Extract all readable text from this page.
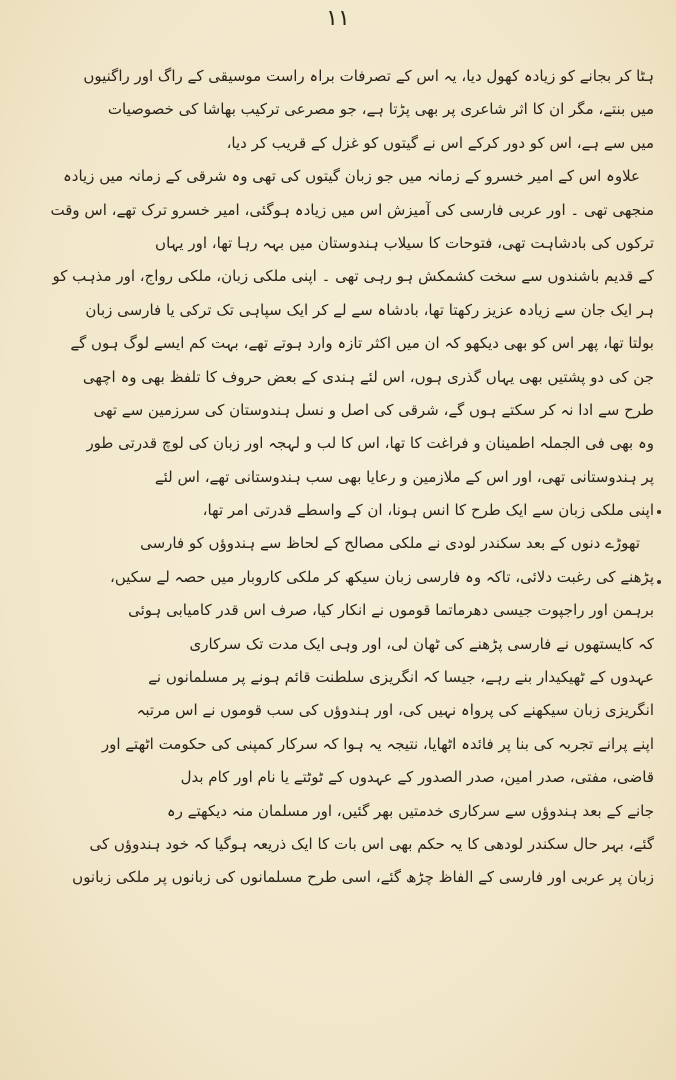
۱۱
ہٹا کر بجانے کو زیادہ کھول دیا، یہ اس کے تصرفات براہ راست موسیقی کے راگ اور راگنیوں
میں بنتے، مگر ان کا اثر شاعری پر بھی پڑتا ہے، جو مصرعی ترکیب بھاشا کی خصوصیات
میں سے ہے، اس کو دور کرکے اس نے گیتوں کو غزل کے قریب کر دیا،
علاوہ اس کے امیر خسرو کے زمانہ میں جو زبان گیتوں کی تھی وہ شرقی کے زمانہ میں زیادہ
منجھی تھی ۔ اور عربی فارسی کی آمیزش اس میں زیادہ ہوگئی، امیر خسرو ترک تھے، اس وقت
ترکوں کی بادشاہت تھی، فتوحات کا سیلاب ہندوستان میں بہہ رہا تھا، اور یہاں
کے قدیم باشندوں سے سخت کشمکش ہو رہی تھی ۔ اپنی ملکی زبان، ملکی رواج، اور مذہب کو
ہر ایک جان سے زیادہ عزیز رکھتا تھا، بادشاہ سے لے کر ایک سپاہی تک ترکی یا فارسی زبان
بولتا تھا، پھر اس کو بھی دیکھو کہ ان میں اکثر تازہ وارد ہوتے تھے، بہت کم ایسے لوگ ہوں گے
جن کی دو پشتیں بھی یہاں گذری ہوں، اس لئے ہندی کے بعض حروف کا تلفظ بھی وہ اچھی
طرح سے ادا نہ کر سکتے ہوں گے، شرقی کی اصل و نسل ہندوستان کی سرزمین سے تھی
وہ بھی فی الجملہ اطمینان و فراغت کا تھا، اس کا لب و لہجہ اور زبان کی لوچ قدرتی طور
پر ہندوستانی تھی، اور اس کے ملازمین و رعایا بھی سب ہندوستانی تھے، اس لئے
اپنی ملکی زبان سے ایک طرح کا انس ہونا، ان کے واسطے قدرتی امر تھا،
تھوڑے دنوں کے بعد سکندر لودی نے ملکی مصالح کے لحاظ سے ہندوؤں کو فارسی
پڑھنے کی رغبت دلائی، تاکہ وہ فارسی زبان سیکھ کر ملکی کاروبار میں حصہ لے سکیں،
برہمن اور راجپوت جیسی دھرماتما قوموں نے انکار کیا، صرف اس قدر کامیابی ہوئی
کہ کایستھوں نے فارسی پڑھنے کی ٹھان لی، اور وہی ایک مدت تک سرکاری
عہدوں کے ٹھیکیدار بنے رہے، جیسا کہ انگریزی سلطنت قائم ہونے پر مسلمانوں نے
انگریزی زبان سیکھنے کی پرواہ نہیں کی، اور ہندوؤں کی سب قوموں نے اس مرتبہ
اپنے پرانے تجربہ کی بنا پر فائدہ اٹھایا، نتیجہ یہ ہوا کہ سرکار کمپنی کی حکومت اٹھتے اور
قاضی، مفتی، صدر امین، صدر الصدور کے عہدوں کے ٹوٹتے یا نام اور کام بدل
جانے کے بعد ہندوؤں سے سرکاری خدمتیں بھر گئیں، اور مسلمان منہ دیکھتے رہ
گئے، بہر حال سکندر لودھی کا یہ حکم بھی اس بات کا ایک ذریعہ ہوگیا کہ خود ہندوؤں کی
زبان پر عربی اور فارسی کے الفاظ چڑھ گئے، اسی طرح مسلمانوں کی زبانوں پر ملکی زبانوں
